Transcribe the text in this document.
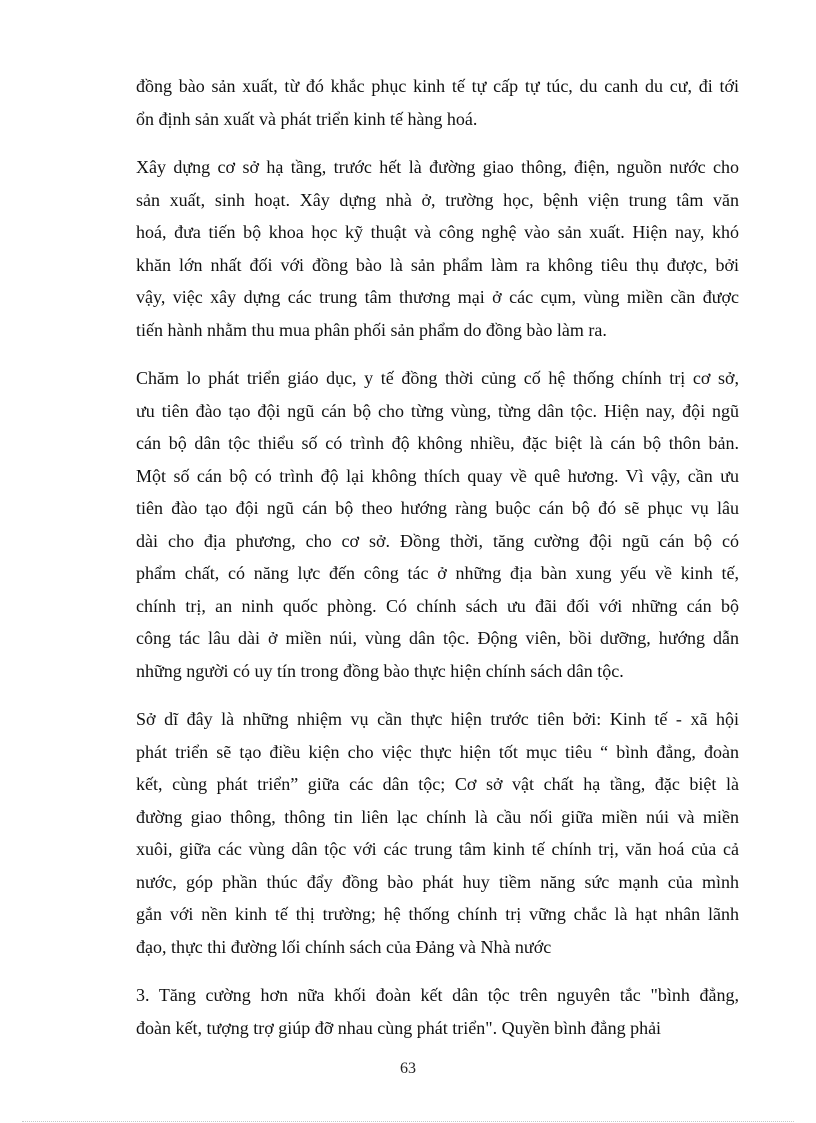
đồng bào sản xuất, từ đó khắc phục kinh tế tự cấp tự túc, du canh du cư, đi tới
ổn định sản xuất và phát triển kinh tế hàng hoá.
Xây dựng cơ sở hạ tầng, trước hết là đường giao thông, điện, nguồn nước cho
sản xuất, sinh hoạt. Xây dựng nhà ở, trường học, bệnh viện trung tâm văn
hoá, đưa tiến bộ khoa học kỹ thuật và công nghệ vào sản xuất. Hiện nay, khó
khăn lớn nhất đối với đồng bào là sản phẩm làm ra không tiêu thụ được, bởi
vậy, việc xây dựng các trung tâm thương mại ở các cụm, vùng miền cần được
tiến hành nhằm thu mua phân phối sản phẩm do đồng bào làm ra.
Chăm lo phát triển giáo dục, y tế đồng thời củng cố hệ thống chính trị cơ sở,
ưu tiên đào tạo đội ngũ cán bộ cho từng vùng, từng dân tộc. Hiện nay, đội ngũ
cán bộ dân tộc thiểu số có trình độ không nhiều, đặc biệt là cán bộ thôn bản.
Một số cán bộ có trình độ lại không thích quay về quê hương. Vì vậy, cần ưu
tiên đào tạo đội ngũ cán bộ theo hướng ràng buộc cán bộ đó sẽ phục vụ lâu
dài cho địa phương, cho cơ sở. Đồng thời, tăng cường đội ngũ cán bộ có
phẩm chất, có năng lực đến công tác ở những địa bàn xung yếu về kinh tế,
chính trị, an ninh quốc phòng. Có chính sách ưu đãi đối với những cán bộ
công tác lâu dài ở miền núi, vùng dân tộc. Động viên, bồi dưỡng, hướng dẫn
những người có uy tín trong đồng bào thực hiện chính sách dân tộc.
Sở dĩ đây là những nhiệm vụ cần thực hiện trước tiên bởi: Kinh tế - xã hội
phát triển sẽ tạo điều kiện cho việc thực hiện tốt mục tiêu “ bình đẳng, đoàn
kết, cùng phát triển” giữa các dân tộc; Cơ sở vật chất hạ tầng, đặc biệt là
đường giao thông, thông tin liên lạc chính là cầu nối giữa miền núi và miền
xuôi, giữa các vùng dân tộc với các trung tâm kinh tế chính trị, văn hoá của cả
nước, góp phần thúc đẩy đồng bào phát huy tiềm năng sức mạnh của mình
gắn với nền kinh tế thị trường; hệ thống chính trị vững chắc là hạt nhân lãnh
đạo, thực thi đường lối chính sách của Đảng và Nhà nước
3. Tăng cường hơn nữa khối đoàn kết dân tộc trên nguyên tắc "bình đẳng,
đoàn kết, tượng trợ giúp đỡ nhau cùng phát triển". Quyền bình đẳng phải
63
